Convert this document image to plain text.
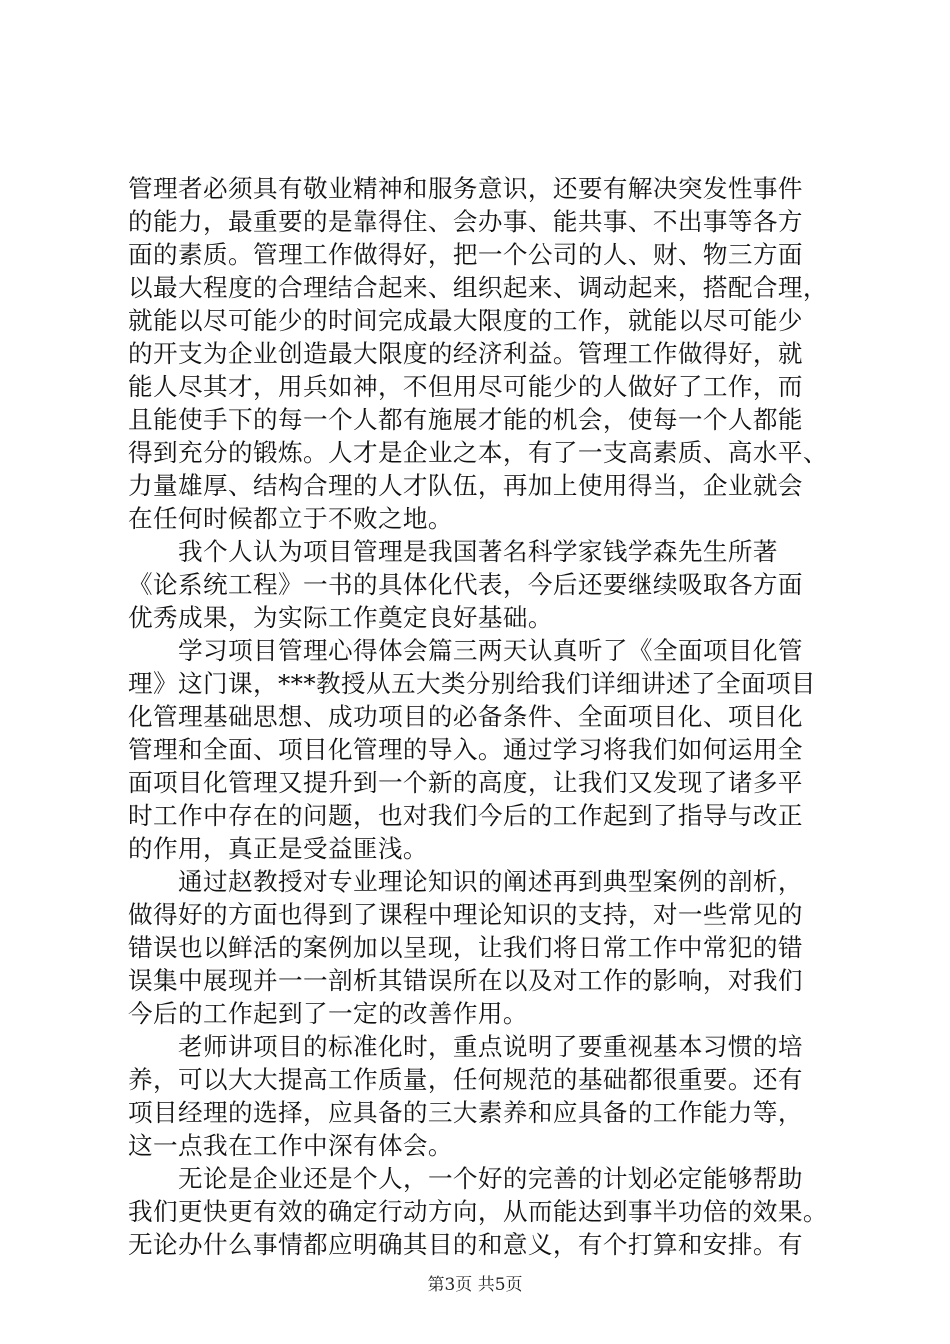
管理者必须具有敬业精神和服务意识，还要有解决突发性事件
的能力，最重要的是靠得住、会办事、能共事、不出事等各方
面的素质。管理工作做得好，把一个公司的人、财、物三方面
以最大程度的合理结合起来、组织起来、调动起来，搭配合理，
就能以尽可能少的时间完成最大限度的工作，就能以尽可能少
的开支为企业创造最大限度的经济利益。管理工作做得好，就
能人尽其才，用兵如神，不但用尽可能少的人做好了工作，而
且能使手下的每一个人都有施展才能的机会，使每一个人都能
得到充分的锻炼。人才是企业之本，有了一支高素质、高水平、
力量雄厚、结构合理的人才队伍，再加上使用得当，企业就会
在任何时候都立于不败之地。
我个人认为项目管理是我国著名科学家钱学森先生所著
《论系统工程》一书的具体化代表，今后还要继续吸取各方面
优秀成果，为实际工作奠定良好基础。
学习项目管理心得体会篇三两天认真听了《全面项目化管
理》这门课，***教授从五大类分别给我们详细讲述了全面项目
化管理基础思想、成功项目的必备条件、全面项目化、项目化
管理和全面、项目化管理的导入。通过学习将我们如何运用全
面项目化管理又提升到一个新的高度，让我们又发现了诸多平
时工作中存在的问题，也对我们今后的工作起到了指导与改正
的作用，真正是受益匪浅。
通过赵教授对专业理论知识的阐述再到典型案例的剖析，
做得好的方面也得到了课程中理论知识的支持，对一些常见的
错误也以鲜活的案例加以呈现，让我们将日常工作中常犯的错
误集中展现并一一剖析其错误所在以及对工作的影响，对我们
今后的工作起到了一定的改善作用。
老师讲项目的标准化时，重点说明了要重视基本习惯的培
养，可以大大提高工作质量，任何规范的基础都很重要。还有
项目经理的选择，应具备的三大素养和应具备的工作能力等，
这一点我在工作中深有体会。
无论是企业还是个人，一个好的完善的计划必定能够帮助
我们更快更有效的确定行动方向，从而能达到事半功倍的效果。
无论办什么事情都应明确其目的和意义，有个打算和安排。有
第3页 共5页
